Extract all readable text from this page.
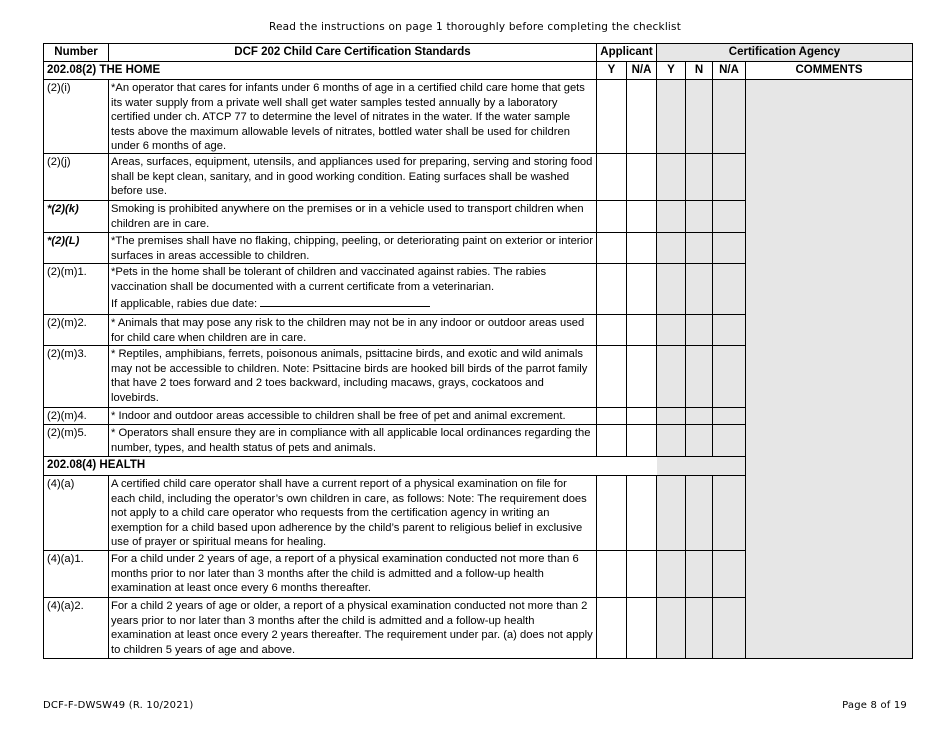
Read the instructions on page 1 thoroughly before completing the checklist
Number	DCF 202 Child Care Certification Standards	Applicant	Certification Agency
202.08(2) THE HOME	Y	N/A	Y	N	N/A	COMMENTS
(2)(i)	*An operator that cares for infants under 6 months of age in a certified child care home that gets its water supply from a private well shall get water samples tested annually by a laboratory certified under ch. ATCP 77 to determine the level of nitrates in the water. If the water sample tests above the maximum allowable levels of nitrates, bottled water shall be used for children under 6 months of age.
(2)(j)	Areas, surfaces, equipment, utensils, and appliances used for preparing, serving and storing food shall be kept clean, sanitary, and in good working condition. Eating surfaces shall be washed before use.
*(2)(k)	Smoking is prohibited anywhere on the premises or in a vehicle used to transport children when children are in care.
*(2)(L)	*The premises shall have no flaking, chipping, peeling, or deteriorating paint on exterior or interior surfaces in areas accessible to children.
(2)(m)1.	*Pets in the home shall be tolerant of children and vaccinated against rabies. The rabies vaccination shall be documented with a current certificate from a veterinarian.
If applicable, rabies due date:
(2)(m)2.	* Animals that may pose any risk to the children may not be in any indoor or outdoor areas used for child care when children are in care.
(2)(m)3.	* Reptiles, amphibians, ferrets, poisonous animals, psittacine birds, and exotic and wild animals may not be accessible to children. Note: Psittacine birds are hooked bill birds of the parrot family that have 2 toes forward and 2 toes backward, including macaws, grays, cockatoos and lovebirds.
(2)(m)4.	* Indoor and outdoor areas accessible to children shall be free of pet and animal excrement.
(2)(m)5.	* Operators shall ensure they are in compliance with all applicable local ordinances regarding the number, types, and health status of pets and animals.
202.08(4) HEALTH
(4)(a)	A certified child care operator shall have a current report of a physical examination on file for each child, including the operator’s own children in care, as follows: Note: The requirement does not apply to a child care operator who requests from the certification agency in writing an exemption for a child based upon adherence by the child’s parent to religious belief in exclusive use of prayer or spiritual means for healing.
(4)(a)1.	For a child under 2 years of age, a report of a physical examination conducted not more than 6 months prior to nor later than 3 months after the child is admitted and a follow-up health examination at least once every 6 months thereafter.
(4)(a)2.	For a child 2 years of age or older, a report of a physical examination conducted not more than 2 years prior to nor later than 3 months after the child is admitted and a follow-up health examination at least once every 2 years thereafter. The requirement under par. (a) does not apply to children 5 years of age and above.
DCF-F-DWSW49 (R. 10/2021)	Page 8 of 19
